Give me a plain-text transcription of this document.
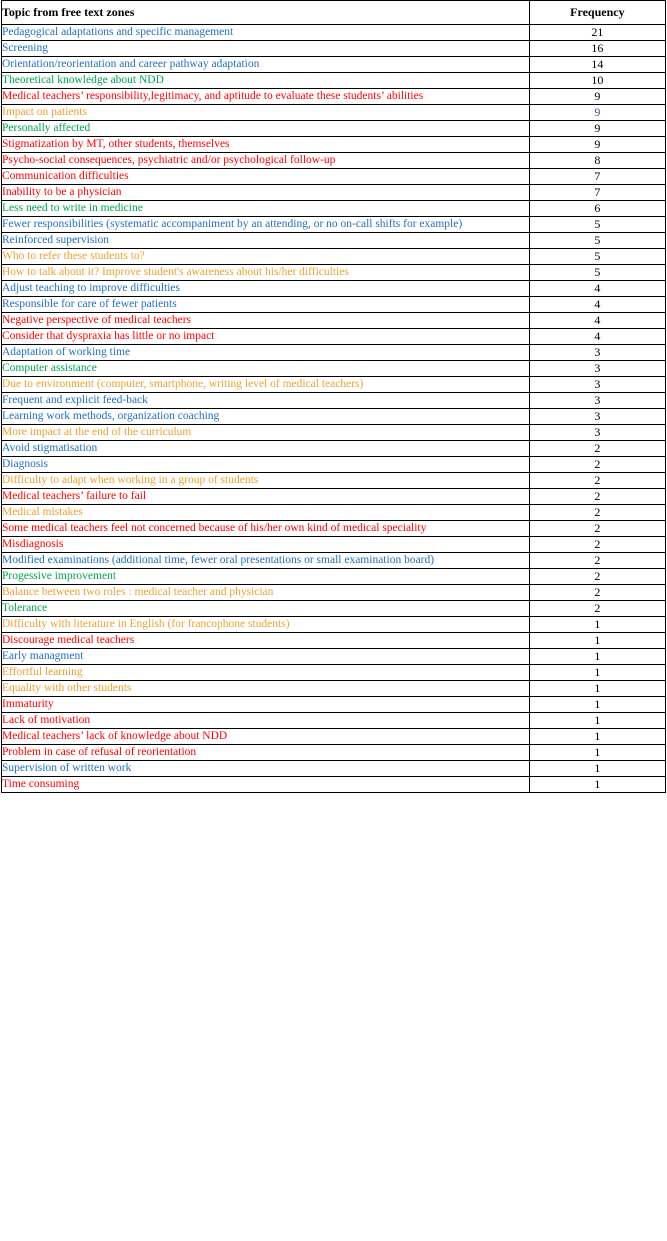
Topic from free text zones	Frequency
Pedagogical adaptations and specific management	21
Screening	16
Orientation/reorientation and career pathway adaptation	14
Theoretical knowledge about NDD	10
Medical teachers’ responsibility,legitimacy, and aptitude to evaluate these students’ abilities	9
Impact on patients	9
Personally affected	9
Stigmatization by MT, other students, themselves	9
Psycho-social consequences, psychiatric and/or psychological follow-up	8
Communication difficulties	7
Inability to be a physician	7
Less need to write in medicine	6
Fewer responsibilities (systematic accompaniment by an attending, or no on-call shifts for example)	5
Reinforced supervision	5
Who to refer these students to?	5
How to talk about it? Improve student's awareness about his/her difficulties	5
Adjust teaching to improve difficulties	4
Responsible for care of fewer patients	4
Negative perspective of medical teachers	4
Consider that dyspraxia has little or no impact	4
Adaptation of working time	3
Computer assistance	3
Due to environment (computer, smartphone, writing level of medical teachers)	3
Frequent and explicit feed-back	3
Learning work methods, organization coaching	3
More impact at the end of the curriculum	3
Avoid stigmatisation	2
Diagnosis	2
Difficulty to adapt when working in a group of students	2
Medical teachers’ failure to fail	2
Medical mistakes	2
Some medical teachers feel not concerned because of his/her own kind of medical speciality	2
Misdiagnosis	2
Modified examinations (additional time, fewer oral presentations or small examination board)	2
Progessive improvement	2
Balance between two roles : medical teacher and physician	2
Tolerance	2
Difficulty with literature in English (for francophone students)	1
Discourage medical teachers	1
Early managment	1
Effortful learning	1
Equality with other students	1
Immaturity	1
Lack of motivation	1
Medical teachers’ lack of knowledge about NDD	1
Problem in case of refusal of reorientation	1
Supervision of written work	1
Time consuming	1
